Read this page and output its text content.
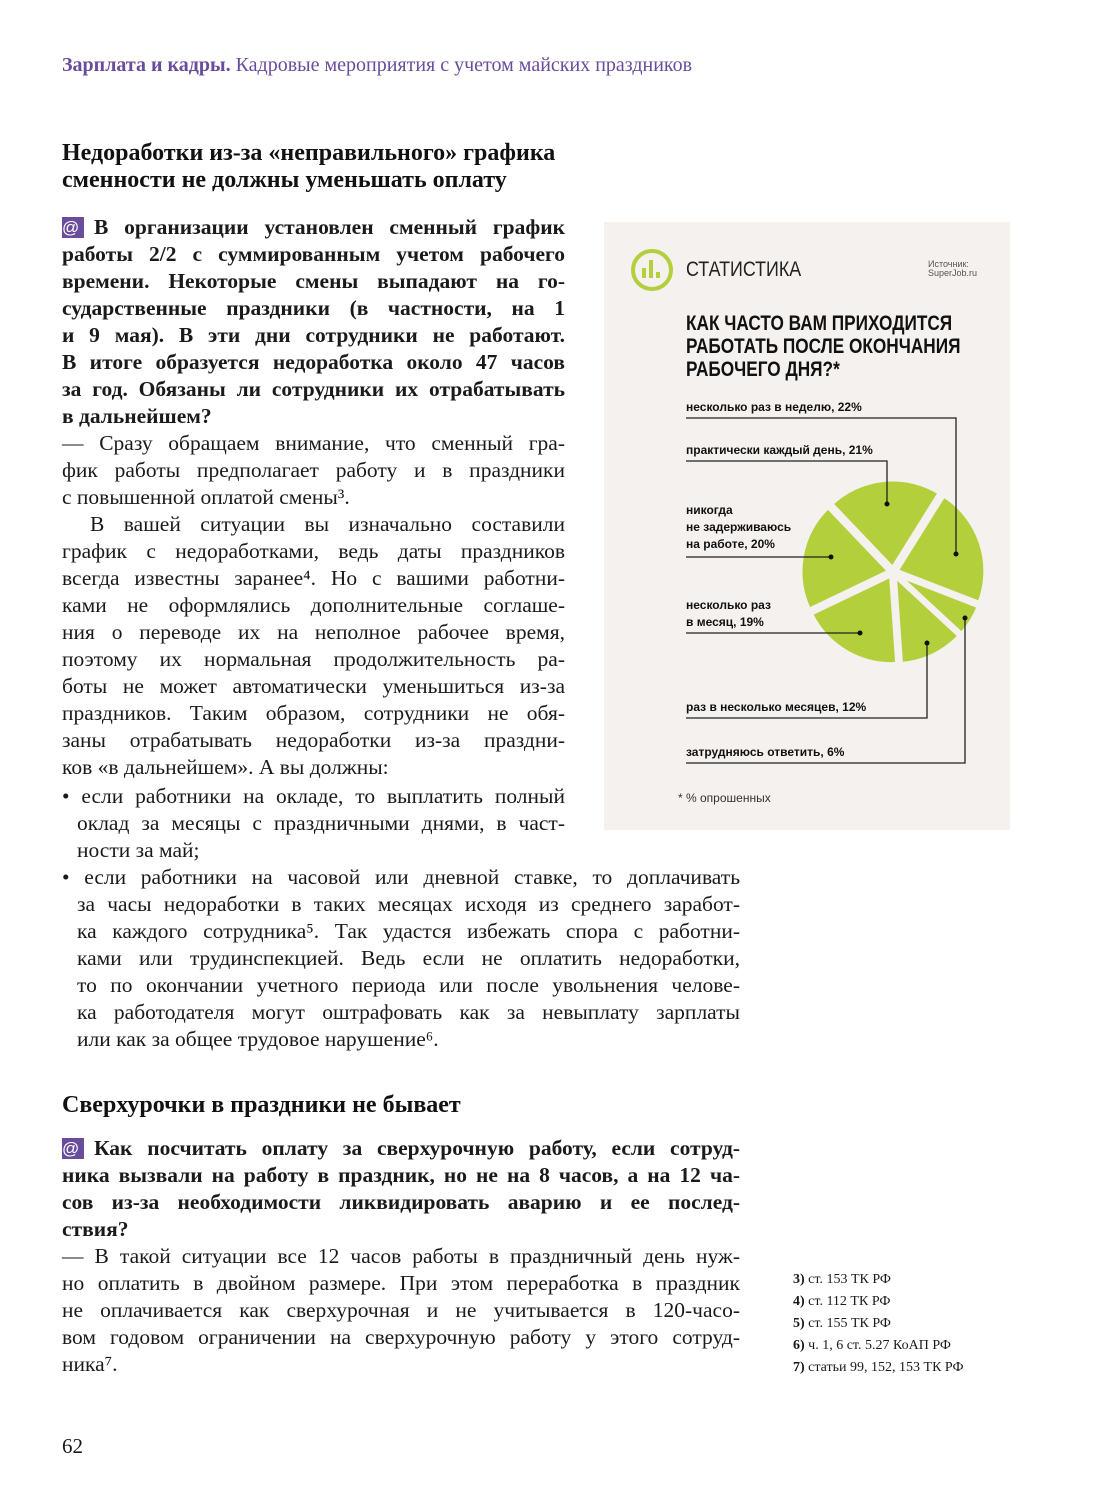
Зарплата и кадры. Кадровые мероприятия с учетом майских праздников
Недоработки из-за «неправильного» графика
сменности не должны уменьшать оплату
@ В организации установлен сменный график
работы 2/2 с суммированным учетом рабочего
времени. Некоторые смены выпадают на го-
сударственные праздники (в частности, на 1
и 9 мая). В эти дни сотрудники не работают.
В итоге образуется недоработка около 47 часов
за год. Обязаны ли сотрудники их отрабатывать
в дальнейшем?
— Сразу обращаем внимание, что сменный гра-
фик работы предполагает работу и в праздники
с повышенной оплатой смены³.
В вашей ситуации вы изначально составили
график с недоработками, ведь даты праздников
всегда известны заранее⁴. Но с вашими работни-
ками не оформлялись дополнительные соглаше-
ния о переводе их на неполное рабочее время,
поэтому их нормальная продолжительность ра-
боты не может автоматически уменьшиться из-за
праздников. Таким образом, сотрудники не обя-
заны отрабатывать недоработки из-за праздни-
ков «в дальнейшем». А вы должны:
• если работники на окладе, то выплатить полный
оклад за месяцы с праздничными днями, в част-
ности за май;
• если работники на часовой или дневной ставке, то доплачивать
за часы недоработки в таких месяцах исходя из среднего заработ-
ка каждого сотрудника⁵. Так удастся избежать спора с работни-
ками или трудинспекцией. Ведь если не оплатить недоработки,
то по окончании учетного периода или после увольнения челове-
ка работодателя могут оштрафовать как за невыплату зарплаты
или как за общее трудовое нарушение⁶.
Сверхурочки в праздники не бывает
@ Как посчитать оплату за сверхурочную работу, если сотруд-
ника вызвали на работу в праздник, но не на 8 часов, а на 12 ча-
сов из-за необходимости ликвидировать аварию и ее послед-
ствия?
— В такой ситуации все 12 часов работы в праздничный день нуж-
но оплатить в двойном размере. При этом переработка в праздник
не оплачивается как сверхурочная и не учитывается в 120-часо-
вом годовом ограничении на сверхурочную работу у этого сотруд-
ника⁷.
СТАТИСТИКА	Источник:
SuperJob.ru
КАК ЧАСТО ВАМ ПРИХОДИТСЯ
РАБОТАТЬ ПОСЛЕ ОКОНЧАНИЯ
РАБОЧЕГО ДНЯ?*
несколько раз в неделю, 22%
практически каждый день, 21%
никогда
не задерживаюсь
на работе, 20%
несколько раз
в месяц, 19%
раз в несколько месяцев, 12%
затрудняюсь ответить, 6%
* % опрошенных
3) ст. 153 ТК РФ
4) ст. 112 ТК РФ
5) ст. 155 ТК РФ
6) ч. 1, 6 ст. 5.27 КоАП РФ
7) статьи 99, 152, 153 ТК РФ
62
